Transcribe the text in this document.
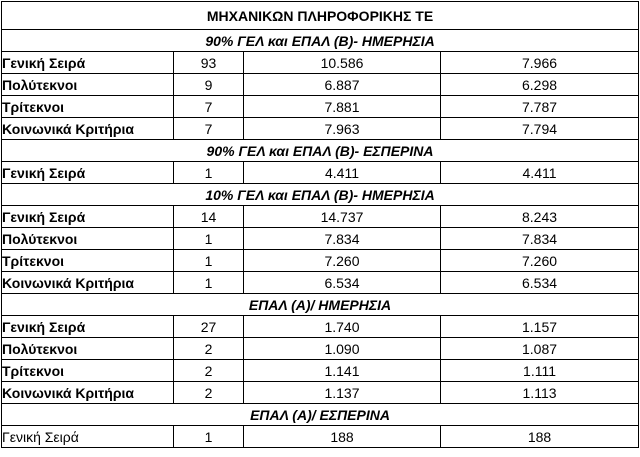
ΜΗΧΑΝΙΚΩΝ ΠΛΗΡΟΦΟΡΙΚΗΣ ΤΕ			
90% ΓΕΛ και ΕΠΑΛ (Β)- ΗΜΕΡΗΣΙΑ			
Γενική Σειρά	93	10.586	7.966
Πολύτεκνοι	9	6.887	6.298
Τρίτεκνοι	7	7.881	7.787
Κοινωνικά Κριτήρια	7	7.963	7.794
90% ΓΕΛ και ΕΠΑΛ (Β)- ΕΣΠΕΡΙΝΑ			
Γενική Σειρά	1	4.411	4.411
10% ΓΕΛ και ΕΠΑΛ (Β)- ΗΜΕΡΗΣΙΑ			
Γενική Σειρά	14	14.737	8.243
Πολύτεκνοι	1	7.834	7.834
Τρίτεκνοι	1	7.260	7.260
Κοινωνικά Κριτήρια	1	6.534	6.534
ΕΠΑΛ (Α)/ ΗΜΕΡΗΣΙΑ			
Γενική Σειρά	27	1.740	1.157
Πολύτεκνοι	2	1.090	1.087
Τρίτεκνοι	2	1.141	1.111
Κοινωνικά Κριτήρια	2	1.137	1.113
ΕΠΑΛ (Α)/ ΕΣΠΕΡΙΝΑ			
Γενική Σειρά	1	188	188
